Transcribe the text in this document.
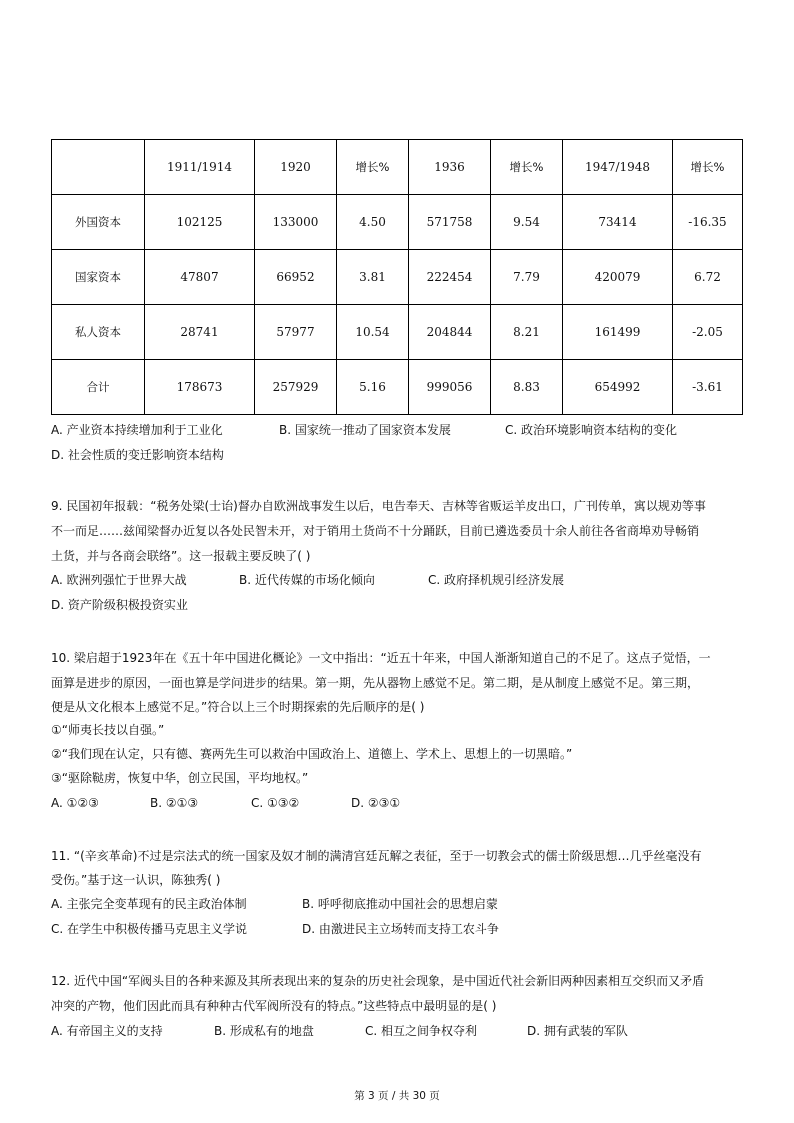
	1911/1914	1920	增长%	1936	增长%	1947/1948	增长%
外国资本	102125	133000	4.50	571758	9.54	73414	-16.35
国家资本	47807	66952	3.81	222454	7.79	420079	6.72
私人资本	28741	57977	10.54	204844	8.21	161499	-2.05
合计	178673	257929	5.16	999056	8.83	654992	-3.61
A. 产业资本持续增加利于工业化	B. 国家统一推动了国家资本发展	C. 政治环境影响资本结构的变化
D. 社会性质的变迁影响资本结构
9. 民国初年报载：“税务处梁(士诒)督办自欧洲战事发生以后，电告奉天、吉林等省贩运羊皮出口，广刊传单，寓以规劝等事
不一而足……兹闻梁督办近复以各处民智未开，对于销用土货尚不十分踊跃，目前已遴选委员十余人前往各省商埠劝导畅销
土货，并与各商会联络”。这一报载主要反映了( )
A. 欧洲列强忙于世界大战	B. 近代传媒的市场化倾向	C. 政府择机规引经济发展
D. 资产阶级积极投资实业
10. 梁启超于1923年在《五十年中国进化概论》一文中指出：“近五十年来，中国人渐渐知道自己的不足了。这点子觉悟，一
面算是进步的原因，一面也算是学问进步的结果。第一期，先从器物上感觉不足。第二期，是从制度上感觉不足。第三期，
便是从文化根本上感觉不足。”符合以上三个时期探索的先后顺序的是( )
①“师夷长技以自强。”
②“我们现在认定，只有德、赛两先生可以救治中国政治上、道德上、学术上、思想上的一切黑暗。”
③“驱除鞑虏，恢复中华，创立民国，平均地权。”
A. ①②③	B. ②①③	C. ①③②	D. ②③①
11. “(辛亥革命)不过是宗法式的统一国家及奴才制的满清宫廷瓦解之表征，至于一切教会式的儒士阶级思想…几乎丝毫没有
受伤。”基于这一认识，陈独秀( )
A. 主张完全变革现有的民主政治体制	B. 呼呼彻底推动中国社会的思想启蒙
C. 在学生中积极传播马克思主义学说	D. 由激进民主立场转而支持工农斗争
12. 近代中国“军阀头目的各种来源及其所表现出来的复杂的历史社会现象，是中国近代社会新旧两种因素相互交织而又矛盾
冲突的产物，他们因此而具有种种古代军阀所没有的特点。”这些特点中最明显的是( )
A. 有帝国主义的支持	B. 形成私有的地盘	C. 相互之间争权夺利	D. 拥有武装的军队
第 3 页 / 共 30 页
